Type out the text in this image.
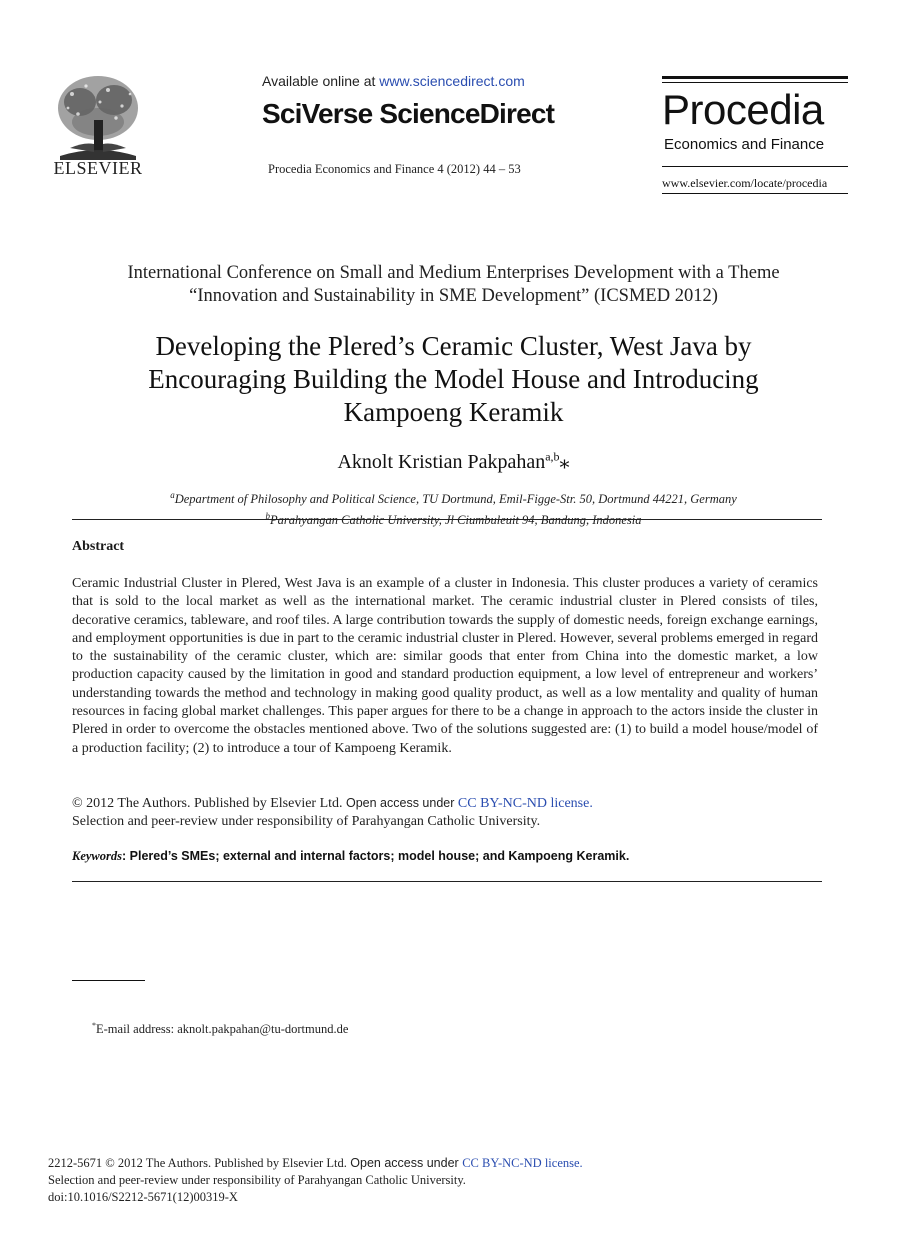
ELSEVIER
Available online at www.sciencedirect.com
SciVerse ScienceDirect
Procedia Economics and Finance 4 (2012) 44 – 53
Procedia
Economics and Finance
www.elsevier.com/locate/procedia
International Conference on Small and Medium Enterprises Development with a Theme
“Innovation and Sustainability in SME Development” (ICSMED 2012)
Developing the Plered’s Ceramic Cluster, West Java by
Encouraging Building the Model House and Introducing
Kampoeng Keramik
Aknolt Kristian Pakpahan$^{a,b}$⁎
$^a$Department of Philosophy and Political Science, TU Dortmund, Emil-Figge-Str. 50, Dortmund 44221, Germany
$^b$Parahyangan Catholic University, Jl Ciumbuleuit 94, Bandung, Indonesia
Abstract
Ceramic Industrial Cluster in Plered, West Java is an example of a cluster in Indonesia. This cluster produces a variety of ceramics that is sold to the local market as well as the international market. The ceramic industrial cluster in Plered consists of tiles, decorative ceramics, tableware, and roof tiles. A large contribution towards the supply of domestic needs, foreign exchange earnings, and employment opportunities is due in part to the ceramic industrial cluster in Plered. However, several problems emerged in regard to the sustainability of the ceramic cluster, which are: similar goods that enter from China into the domestic market, a low production capacity caused by the limitation in good and standard production equipment, a low level of entrepreneur and workers’ understanding towards the method and technology in making good quality product, as well as a low mentality and quality of human resources in facing global market challenges. This paper argues for there to be a change in approach to the actors inside the cluster in Plered in order to overcome the obstacles mentioned above. Two of the solutions suggested are: (1) to build a model house/model of a production facility; (2) to introduce a tour of Kampoeng Keramik.
© 2012 The Authors. Published by Elsevier Ltd. Open access under CC BY-NC-ND license.
Selection and peer-review under responsibility of Parahyangan Catholic University.
Keywords: Plered’s SMEs; external and internal factors; model house; and Kampoeng Keramik.
*E-mail address: aknolt.pakpahan@tu-dortmund.de
2212-5671 © 2012 The Authors. Published by Elsevier Ltd. Open access under CC BY-NC-ND license.
Selection and peer-review under responsibility of Parahyangan Catholic University.
doi:10.1016/S2212-5671(12)00319-X
